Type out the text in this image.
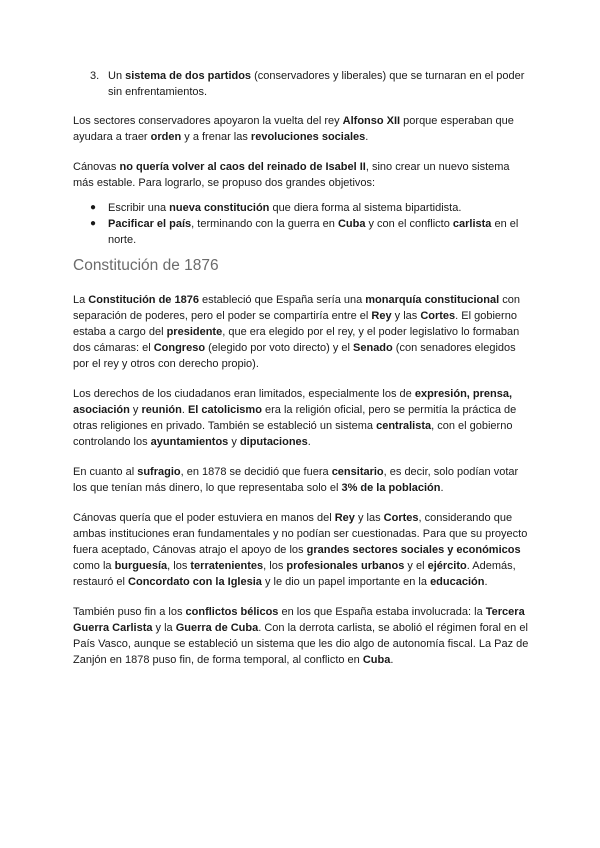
3. Un sistema de dos partidos (conservadores y liberales) que se turnaran en el poder sin enfrentamientos.

Los sectores conservadores apoyaron la vuelta del rey Alfonso XII porque esperaban que ayudara a traer orden y a frenar las revoluciones sociales.

Cánovas no quería volver al caos del reinado de Isabel II, sino crear un nuevo sistema más estable. Para lograrlo, se propuso dos grandes objetivos:

●	Escribir una nueva constitución que diera forma al sistema bipartidista.
●	Pacificar el país, terminando con la guerra en Cuba y con el conflicto carlista en el norte.
Constitución de 1876

La Constitución de 1876 estableció que España sería una monarquía constitucional con separación de poderes, pero el poder se compartiría entre el Rey y las Cortes. El gobierno estaba a cargo del presidente, que era elegido por el rey, y el poder legislativo lo formaban dos cámaras: el Congreso (elegido por voto directo) y el Senado (con senadores elegidos por el rey y otros con derecho propio).

Los derechos de los ciudadanos eran limitados, especialmente los de expresión, prensa, asociación y reunión. El catolicismo era la religión oficial, pero se permitía la práctica de otras religiones en privado. También se estableció un sistema centralista, con el gobierno controlando los ayuntamientos y diputaciones.

En cuanto al sufragio, en 1878 se decidió que fuera censitario, es decir, solo podían votar los que tenían más dinero, lo que representaba solo el 3% de la población.

Cánovas quería que el poder estuviera en manos del Rey y las Cortes, considerando que ambas instituciones eran fundamentales y no podían ser cuestionadas. Para que su proyecto fuera aceptado, Cánovas atrajo el apoyo de los grandes sectores sociales y económicos como la burguesía, los terratenientes, los profesionales urbanos y el ejército. Además, restauró el Concordato con la Iglesia y le dio un papel importante en la educación.

También puso fin a los conflictos bélicos en los que España estaba involucrada: la Tercera Guerra Carlista y la Guerra de Cuba. Con la derrota carlista, se abolió el régimen foral en el País Vasco, aunque se estableció un sistema que les dio algo de autonomía fiscal. La Paz de Zanjón en 1878 puso fin, de forma temporal, al conflicto en Cuba.
